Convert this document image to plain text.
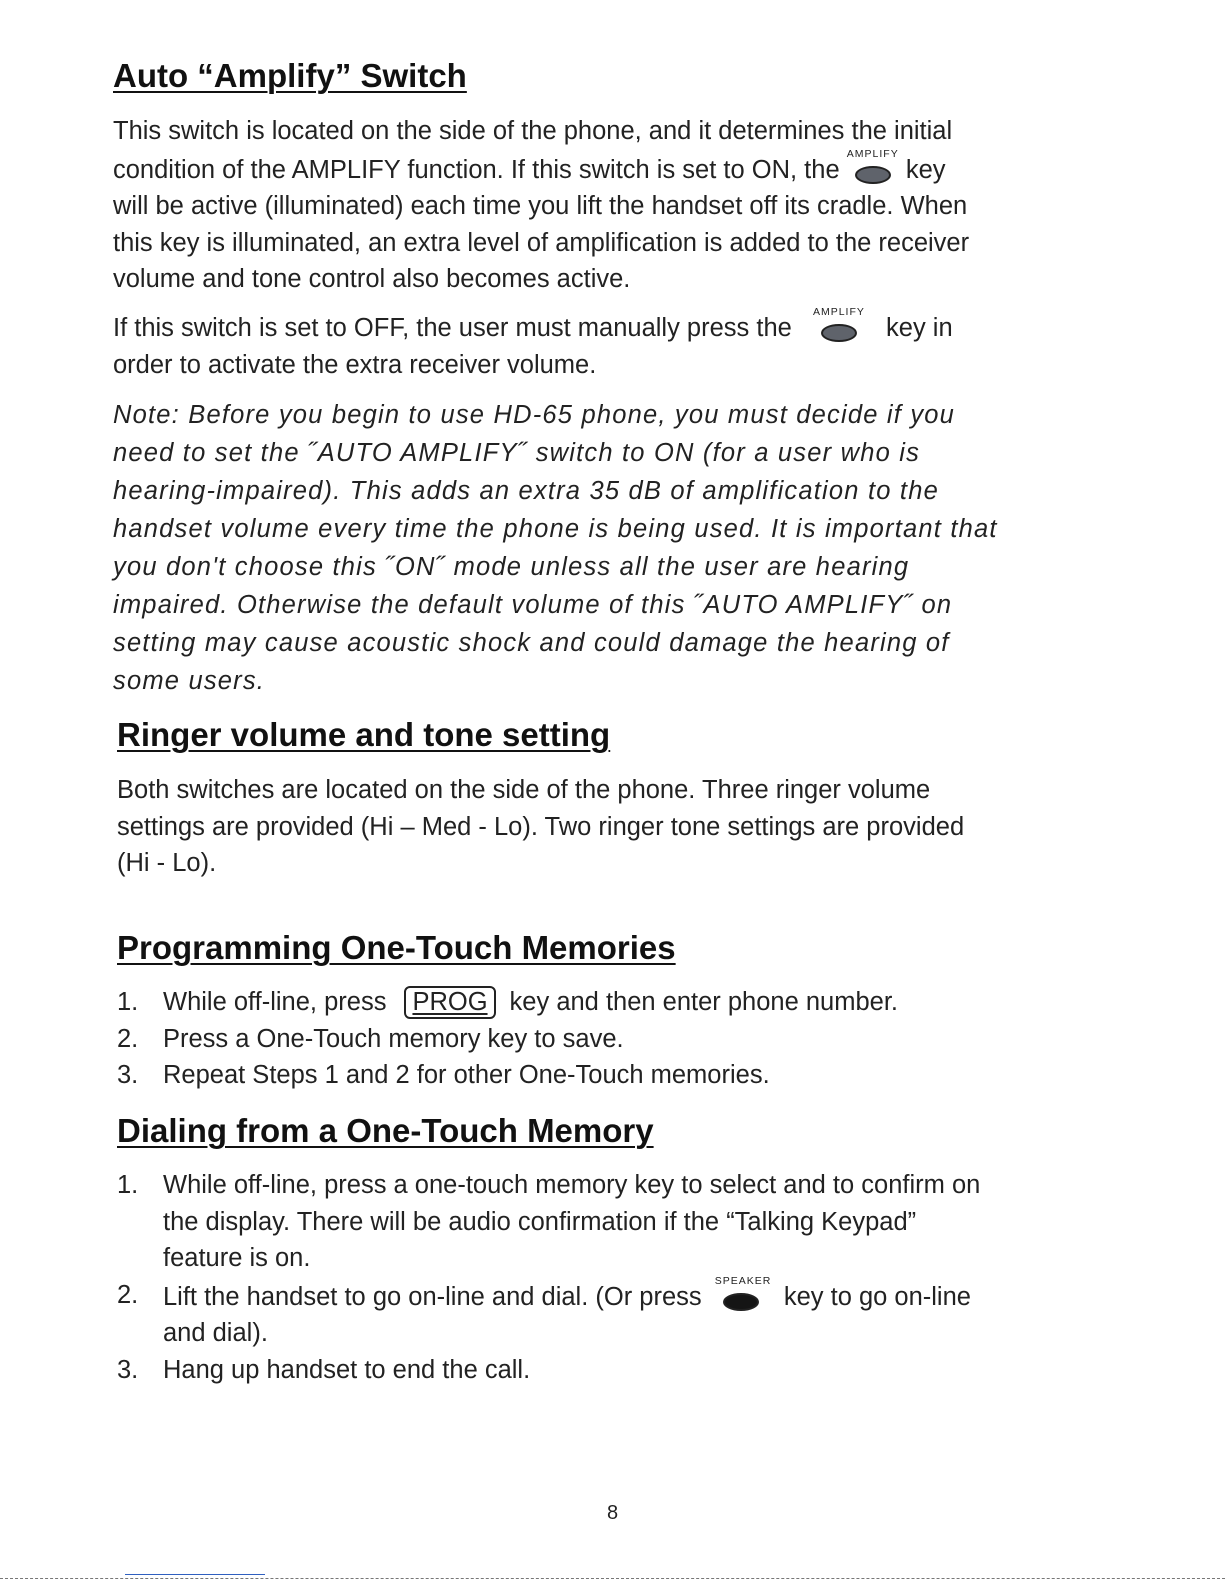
Auto “Amplify” Switch
This switch is located on the side of the phone, and it determines the initial
condition of the AMPLIFY function. If this switch is set to ON, the
AMPLIFY
key
will be active (illuminated) each time you lift the handset off its cradle. When
this key is illuminated, an extra level of amplification is added to the receiver
volume and tone control also becomes active.
If this switch is set to OFF, the user must manually press the
AMPLIFY
key in
order to activate the extra receiver volume.
Note: Before you begin to use HD-65 phone, you must decide if you
need to set the ˝AUTO AMPLIFY˝ switch to ON (for a user who is
hearing-impaired). This adds an extra 35 dB of amplification to the
handset volume every time the phone is being used. It is important that
you don't choose this ˝ON˝ mode unless all the user are hearing
impaired. Otherwise the default volume of this ˝AUTO AMPLIFY˝ on
setting may cause acoustic shock and could damage the hearing of
some users.
Ringer volume and tone setting
Both switches are located on the side of the phone. Three ringer volume
settings are provided (Hi – Med - Lo). Two ringer tone settings are provided
(Hi - Lo).
Programming One-Touch Memories
1. While off-line, press PROG key and then enter phone number.
2. Press a One-Touch memory key to save.
3. Repeat Steps 1 and 2 for other One-Touch memories.
Dialing from a One-Touch Memory
1. While off-line, press a one-touch memory key to select and to confirm on
the display. There will be audio confirmation if the “Talking Keypad”
feature is on.
2. Lift the handset to go on-line and dial. (Or press
SPEAKER
key to go on-line
and dial).
3. Hang up handset to end the call.
8
